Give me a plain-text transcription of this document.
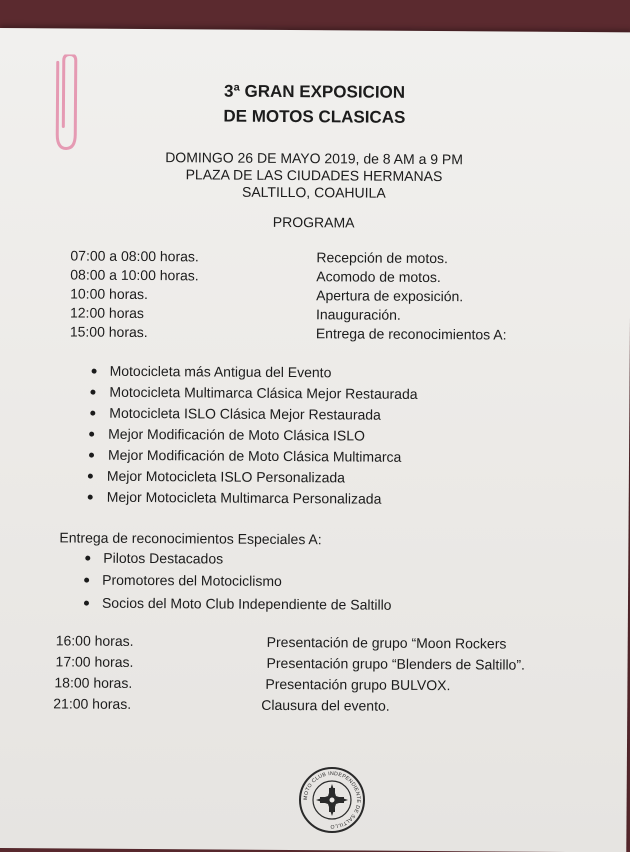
3ª GRAN EXPOSICION
DE MOTOS CLASICAS
DOMINGO 26 DE MAYO 2019, de 8 AM a 9 PM
PLAZA DE LAS CIUDADES HERMANAS
SALTILLO, COAHUILA
PROGRAMA
07:00 a 08:00 horas.	Recepción de motos.
08:00 a 10:00 horas.	Acomodo de motos.
10:00 horas.	Apertura de exposición.
12:00 horas	Inauguración.
15:00 horas.	Entrega de reconocimientos A:
Motocicleta más Antigua del Evento
Motocicleta Multimarca Clásica Mejor Restaurada
Motocicleta ISLO Clásica Mejor Restaurada
Mejor Modificación de Moto Clásica ISLO
Mejor Modificación de Moto Clásica Multimarca
Mejor Motocicleta ISLO Personalizada
Mejor Motocicleta Multimarca Personalizada
Entrega de reconocimientos Especiales A:
Pilotos Destacados
Promotores del Motociclismo
Socios del Moto Club Independiente de Saltillo
16:00 horas.	Presentación de grupo “Moon Rockers
17:00 horas.	Presentación grupo “Blenders de Saltillo”.
18:00 horas.	Presentación grupo BULVOX.
21:00 horas.	Clausura del evento.
MOTO CLUB INDEPENDIENTE DE SALTILLO
